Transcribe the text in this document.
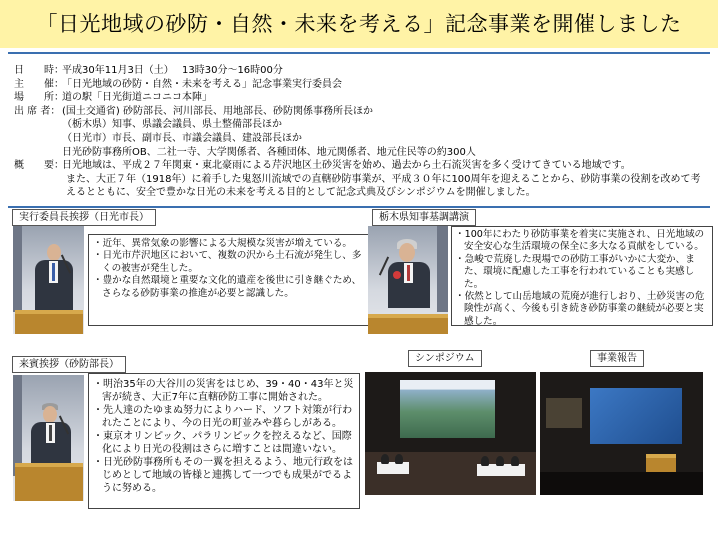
「日光地域の砂防・自然・未来を考える」記念事業を開催しました
日　　時：
平成30年11月3日（土）　 13時30分～16時00分
主　　催：
「日光地域の砂防・自然・未来を考える」記念事業実行委員会
場　　所：
道の駅「日光街道ニコニコ本陣」
出 席 者： (国土交通省) 砂防部長、河川部長、用地部長、砂防関係事務所長ほか
（栃木県）知事、県議会議員、県土整備部長ほか
（日光市）市長、副市長、市議会議員、建設部長ほか
日光砂防事務所OB、二社一寺、大学関係者、各種団体、地元関係者、地元住民等の約300人
概　　要：
日光地域は、平成２７年関東・東北豪雨による芹沢地区土砂災害を始め、過去から土石流災害を多く受けてきている地域です。
また、大正７年（1918年）に着手した鬼怒川流域での直轄砂防事業が、平成３０年に100周年を迎えることから、砂防事業の役割を改めて考えるとともに、安全で豊かな日光の未来を考える目的として記念式典及びシンポジウムを開催しました。
実行委員長挨拶（日光市長）
・近年、異常気象の影響による大規模な災害が増えている。
・日光市芹沢地区において、複数の沢から土石流が発生し、多くの被害が発生した。
・豊かな自然環境と重要な文化的遺産を後世に引き継ぐため、さらなる砂防事業の推進が必要と認識した。
栃木県知事基調講演
・100年にわたり砂防事業を着実に実施され、日光地域の安全安心な生活環境の保全に多大なる貢献をしている。
・急峻で荒廃した現場での砂防工事がいかに大変か、また、環境に配慮した工事を行われていることも実感した。
・依然として山岳地域の荒廃が進行しおり、土砂災害の危険性が高く、今後も引き続き砂防事業の継続が必要と実感した。
来賓挨拶（砂防部長）
・明治35年の大谷川の災害をはじめ、39・40・43年と災害が続き、大正7年に直轄砂防工事に開始された。
・先人達のたゆまぬ努力によりハード、ソフト対策が行われたことにより、今の日光の町並みや暮らしがある。
・東京オリンピック、パラリンピックを控えるなど、国際化により日光の役割はさらに増すことは間違いない。
・日光砂防事務所もその一翼を担えるよう、地元行政をはじめとして地域の皆様と連携して一つでも成果がでるように努める。
シンポジウム	事業報告
